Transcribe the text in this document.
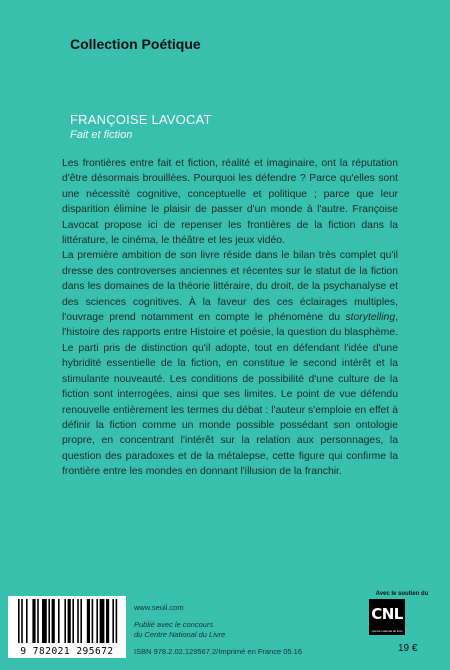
Collection Poétique
FRANÇOISE LAVOCAT
Fait et fiction

Les frontières entre fait et fiction, réalité et imaginaire, ont la réputation d'être désormais brouillées. Pourquoi les défendre ? Parce qu'elles sont une nécessité cognitive, conceptuelle et politique ; parce que leur disparition élimine le plaisir de passer d'un monde à l'autre. Françoise Lavocat propose ici de repenser les frontières de la fiction dans la littérature, le cinéma, le théâtre et les jeux vidéo.

La première ambition de son livre réside dans le bilan très complet qu'il dresse des controverses anciennes et récentes sur le statut de la fiction dans les domaines de la théorie littéraire, du droit, de la psychanalyse et des sciences cognitives. À la faveur des ces éclairages multiples, l'ouvrage prend notamment en compte le phénomène du storytelling, l'histoire des rapports entre Histoire et poésie, la question du blasphème. Le parti pris de distinction qu'il adopte, tout en défendant l'idée d'une hybridité essentielle de la fiction, en constitue le second intérêt et la stimulante nouveauté. Les conditions de possibilité d'une culture de la fiction sont interrogées, ainsi que ses limites. Le point de vue défendu renouvelle entièrement les termes du débat : l'auteur s'emploie en effet à définir la fiction comme un monde possible possédant son ontologie propre, en concentrant l'intérêt sur la relation aux personnages, la question des paradoxes et de la métalepse, cette figure qui confirme la frontière entre les mondes en donnant l'illusion de la franchir.

9 782021 295672
www.seuil.com
Publié avec le concours
du Centre National du Livre
ISBN 978.2.02.129567.2/Imprimé en France 05.16
Avec le soutien du
CNL
Centre national du livre
19 €
